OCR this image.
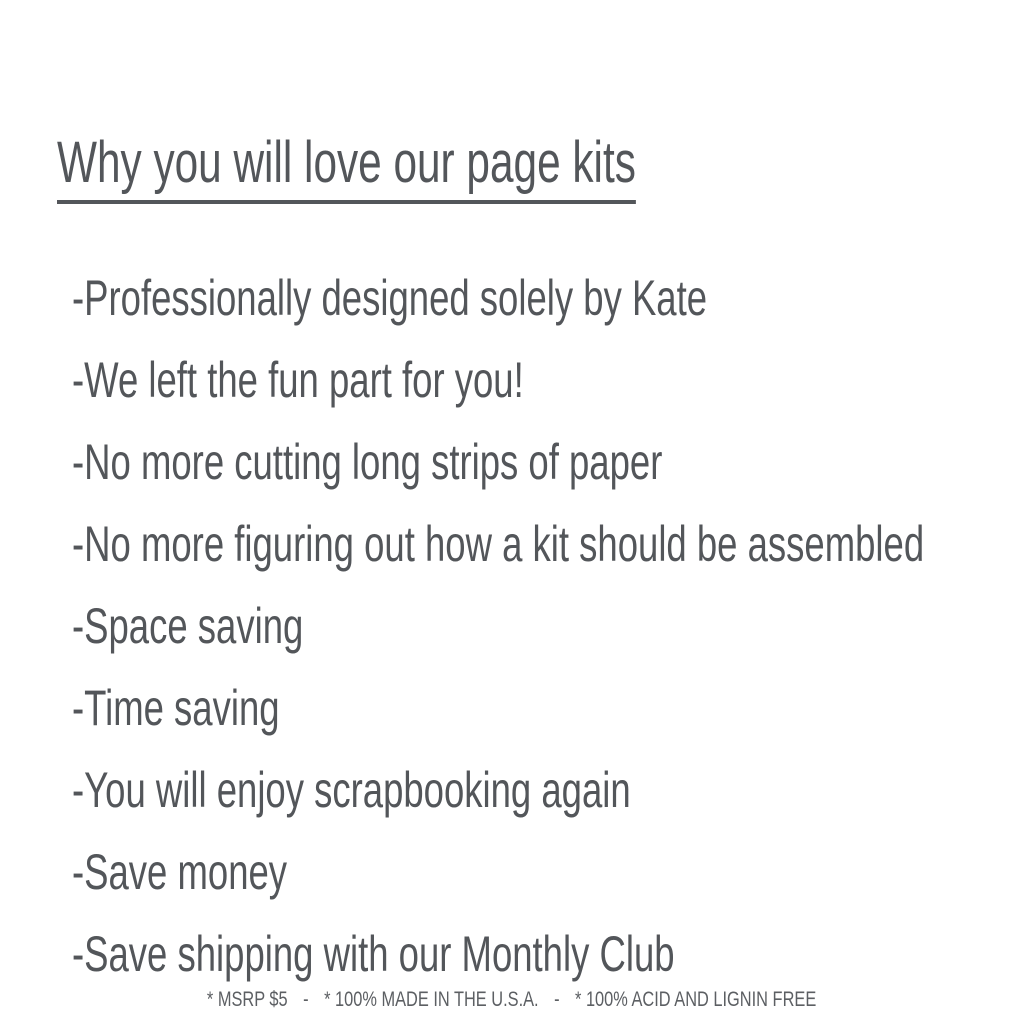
Why you will love our page kits
-Professionally designed solely by Kate
-We left the fun part for you!
-No more cutting long strips of paper
-No more figuring out how a kit should be assembled
-Space saving
-Time saving
-You will enjoy scrapbooking again
-Save money
-Save shipping with our Monthly Club
* MSRP $5 - * 100% MADE IN THE U.S.A. - * 100% ACID AND LIGNIN FREE
